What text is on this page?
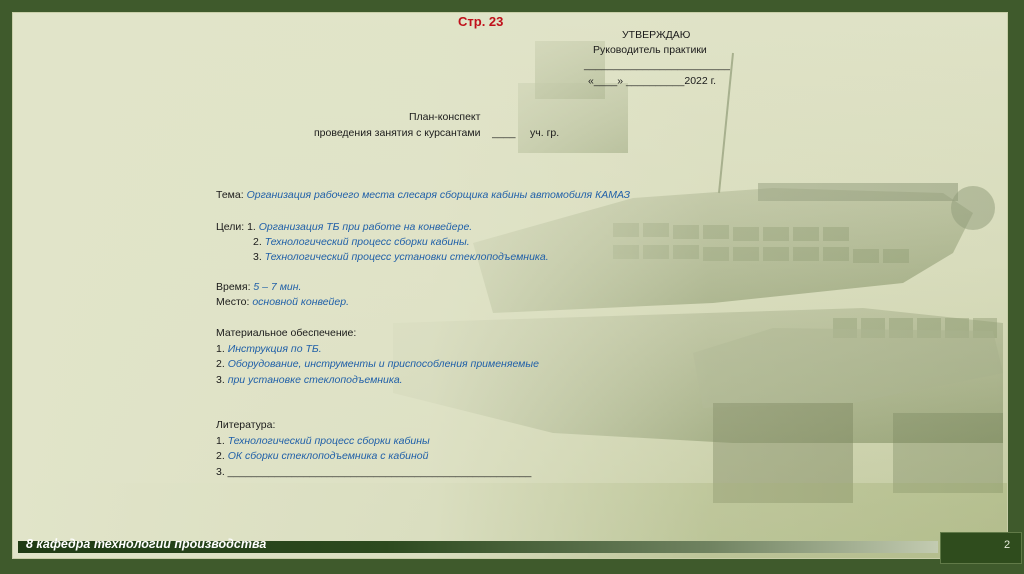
Стр. 23
УТВЕРЖДАЮ
Руководитель практики
_________________________
«____» __________2022 г.
План-конспект
проведения занятия с курсантами    ____     уч. гр.
Тема: Организация рабочего места слесаря сборщика кабины автомобиля КАМАЗ
Цели: 1. Организация ТБ при работе на конвейере.
2. Технологический процесс сборки кабины.
3. Технологический процесс установки стеклоподъемника.
Время: 5 – 7 мин.
Место: основной конвейер.
Материальное обеспечение:
1. Инструкция по ТБ.
2. Оборудование, инструменты и приспособления применяемые
3. при установке стеклоподъемника.
Литература:
1. Технологический процесс сборки кабины
2. ОК сборки стеклоподъемника с кабиной
3. ____________________________________________________
8 кафедра технологии производства	2
